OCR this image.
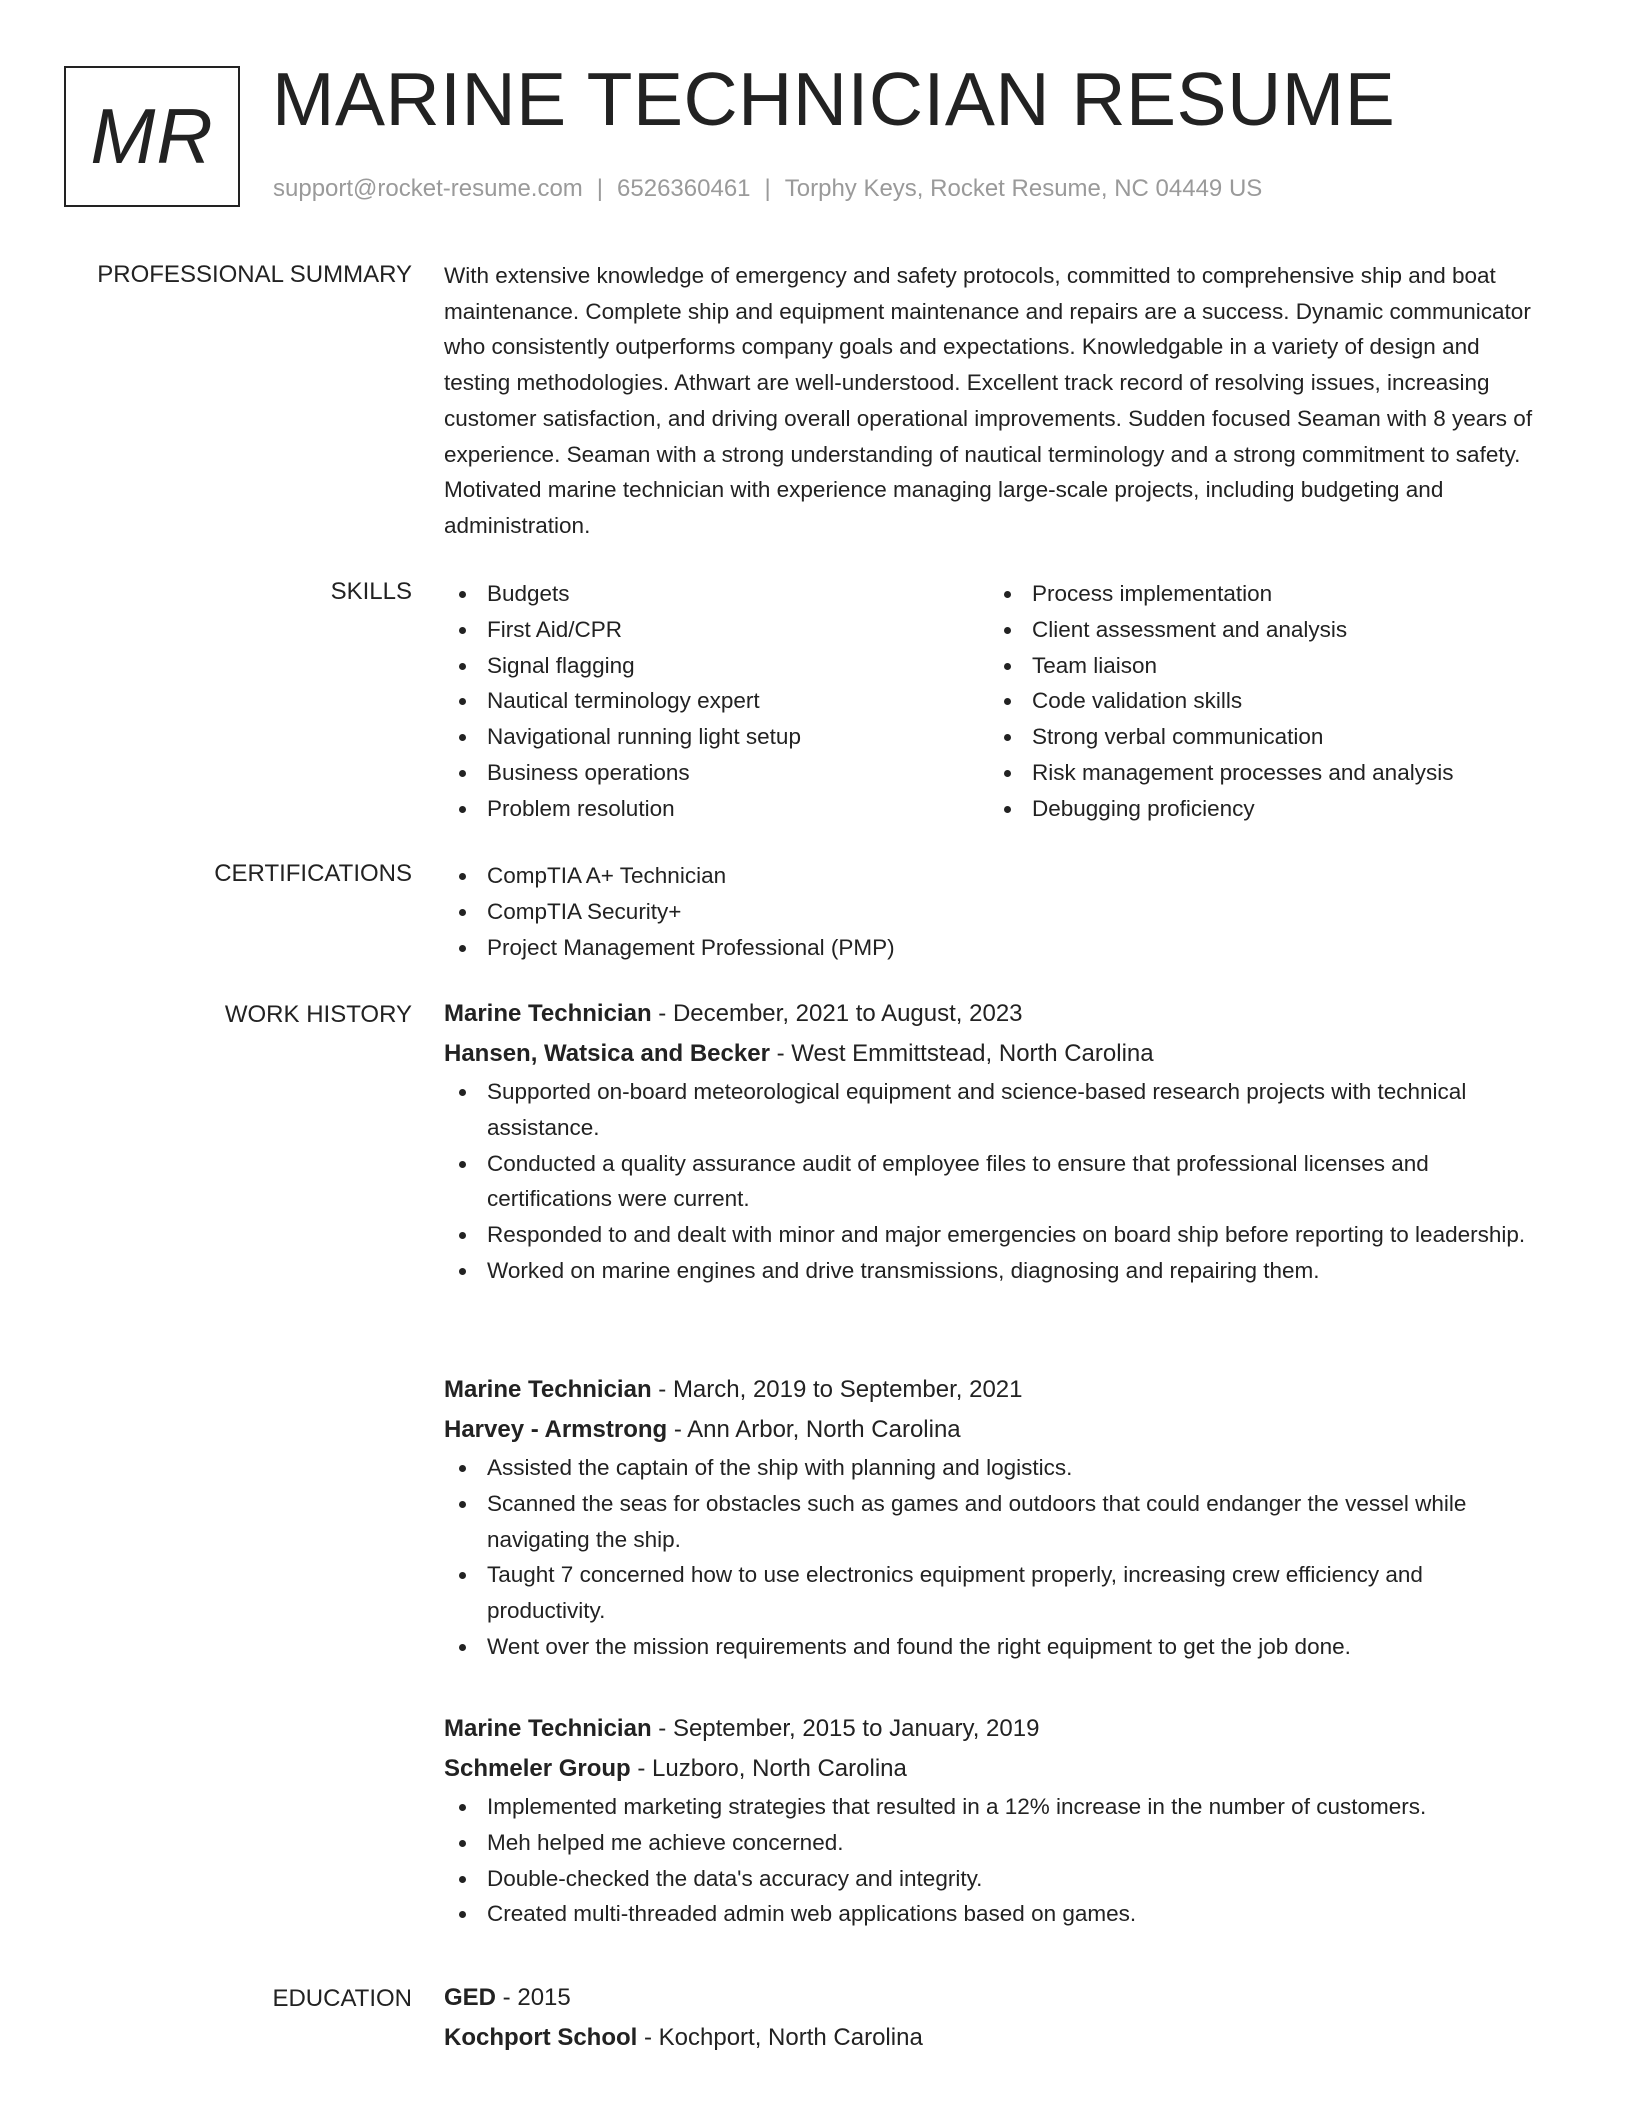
MR MARINE TECHNICIAN RESUME
support@rocket-resume.com | 6526360461 | Torphy Keys, Rocket Resume, NC 04449 US
PROFESSIONAL SUMMARY With extensive knowledge of emergency and safety protocols, committed to comprehensive ship and boat maintenance. Complete ship and equipment maintenance and repairs are a success. Dynamic communicator who consistently outperforms company goals and expectations. Knowledgable in a variety of design and testing methodologies. Athwart are well-understood. Excellent track record of resolving issues, increasing customer satisfaction, and driving overall operational improvements. Sudden focused Seaman with 8 years of experience. Seaman with a strong understanding of nautical terminology and a strong commitment to safety. Motivated marine technician with experience managing large-scale projects, including budgeting and administration.

SKILLS	Budgets
First Aid/CPR
Signal flagging
Nautical terminology expert
Navigational running light setup
Business operations
Problem resolution
Process implementation
Client assessment and analysis
Team liaison
Code validation skills
Strong verbal communication
Risk management processes and analysis
Debugging proficiency
CERTIFICATIONS	CompTIA A+ Technician
CompTIA Security+
Project Management Professional (PMP)
WORK HISTORY Marine Technician - December, 2021 to August, 2023
Hansen, Watsica and Becker - West Emmittstead, North Carolina
Supported on-board meteorological equipment and science-based research projects with technical assistance.
Conducted a quality assurance audit of employee files to ensure that professional licenses and certifications were current.
Responded to and dealt with minor and major emergencies on board ship before reporting to leadership.
Worked on marine engines and drive transmissions, diagnosing and repairing them.
Marine Technician - March, 2019 to September, 2021
Harvey - Armstrong - Ann Arbor, North Carolina
Assisted the captain of the ship with planning and logistics.
Scanned the seas for obstacles such as games and outdoors that could endanger the vessel while navigating the ship.
Taught 7 concerned how to use electronics equipment properly, increasing crew efficiency and productivity.
Went over the mission requirements and found the right equipment to get the job done.
Marine Technician - September, 2015 to January, 2019
Schmeler Group - Luzboro, North Carolina
Implemented marketing strategies that resulted in a 12% increase in the number of customers.
Meh helped me achieve concerned.
Double-checked the data's accuracy and integrity.
Created multi-threaded admin web applications based on games.
EDUCATION GED - 2015
Kochport School - Kochport, North Carolina
